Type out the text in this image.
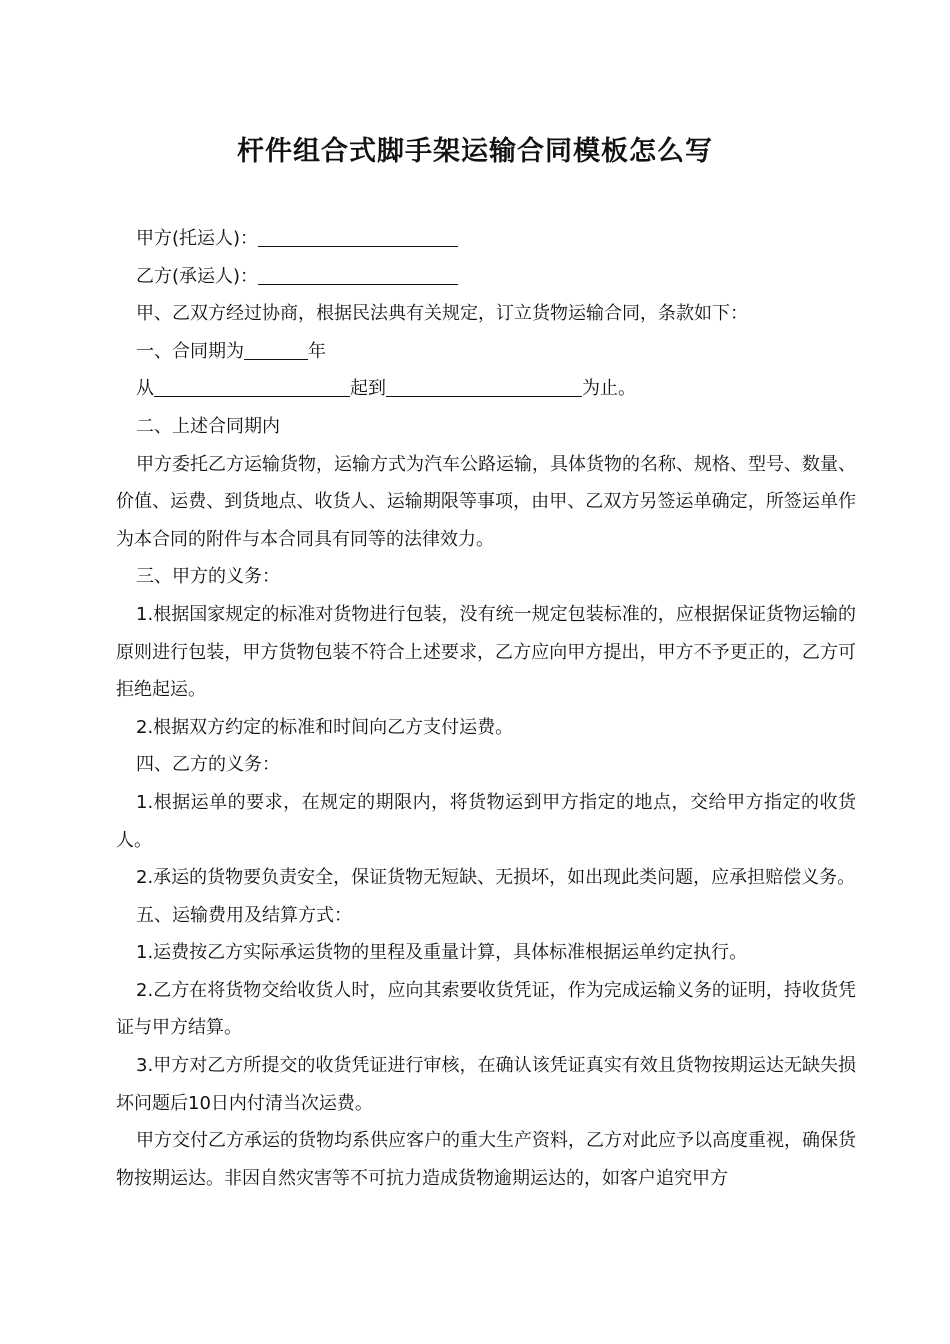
杆件组合式脚手架运输合同模板怎么写
甲方(托运人)：
乙方(承运人)：
甲、乙双方经过协商，根据民法典有关规定，订立货物运输合同，条款如下：
一、合同期为	年
从	起到	为止。
二、上述合同期内

甲方委托乙方运输货物，运输方式为汽车公路运输，具体货物的名称、规格、型号、数量、价值、运费、到货地点、收货人、运输期限等事项，由甲、乙双方另签运单确定，所签运单作为本合同的附件与本合同具有同等的法律效力。

三、甲方的义务：

1.根据国家规定的标准对货物进行包装，没有统一规定包装标准的，应根据保证货物运输的原则进行包装，甲方货物包装不符合上述要求，乙方应向甲方提出，甲方不予更正的，乙方可拒绝起运。

2.根据双方约定的标准和时间向乙方支付运费。

四、乙方的义务：

1.根据运单的要求，在规定的期限内，将货物运到甲方指定的地点，交给甲方指定的收货人。

2.承运的货物要负责安全，保证货物无短缺、无损坏，如出现此类问题，应承担赔偿义务。

五、运输费用及结算方式：

1.运费按乙方实际承运货物的里程及重量计算，具体标准根据运单约定执行。

2.乙方在将货物交给收货人时，应向其索要收货凭证，作为完成运输义务的证明，持收货凭证与甲方结算。

3.甲方对乙方所提交的收货凭证进行审核，在确认该凭证真实有效且货物按期运达无缺失损坏问题后10日内付清当次运费。

甲方交付乙方承运的货物均系供应客户的重大生产资料，乙方对此应予以高度重视，确保货物按期运达。非因自然灾害等不可抗力造成货物逾期运达的，如客户追究甲方
